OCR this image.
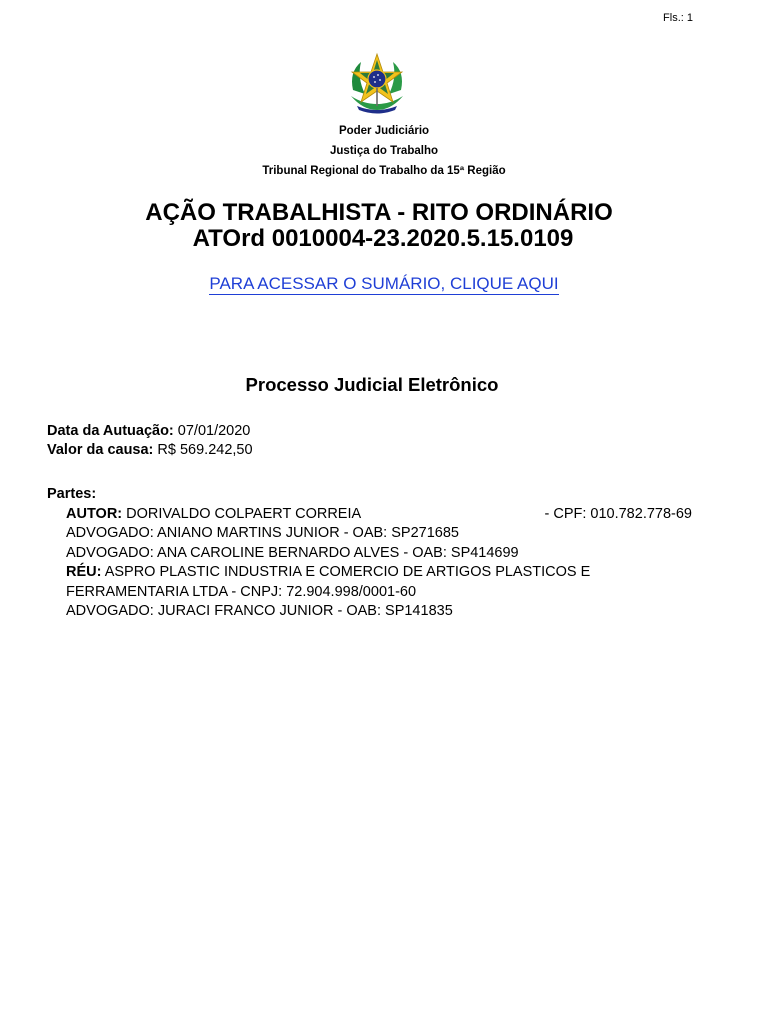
Fls.: 1
Poder Judiciário
Justiça do Trabalho
Tribunal Regional do Trabalho da 15ª Região
AÇÃO TRABALHISTA - RITO ORDINÁRIO
ATOrd 0010004-23.2020.5.15.0109
PARA ACESSAR O SUMÁRIO, CLIQUE AQUI
Processo Judicial Eletrônico
Data da Autuação: 07/01/2020
Valor da causa: R$ 569.242,50
Partes:
AUTOR: DORIVALDO COLPAERT CORREIA	- CPF: 010.782.778-69
ADVOGADO: ANIANO MARTINS JUNIOR - OAB: SP271685
ADVOGADO: ANA CAROLINE BERNARDO ALVES - OAB: SP414699
RÉU: ASPRO PLASTIC INDUSTRIA E COMERCIO DE ARTIGOS PLASTICOS E
FERRAMENTARIA LTDA - CNPJ: 72.904.998/0001-60
ADVOGADO: JURACI FRANCO JUNIOR - OAB: SP141835
